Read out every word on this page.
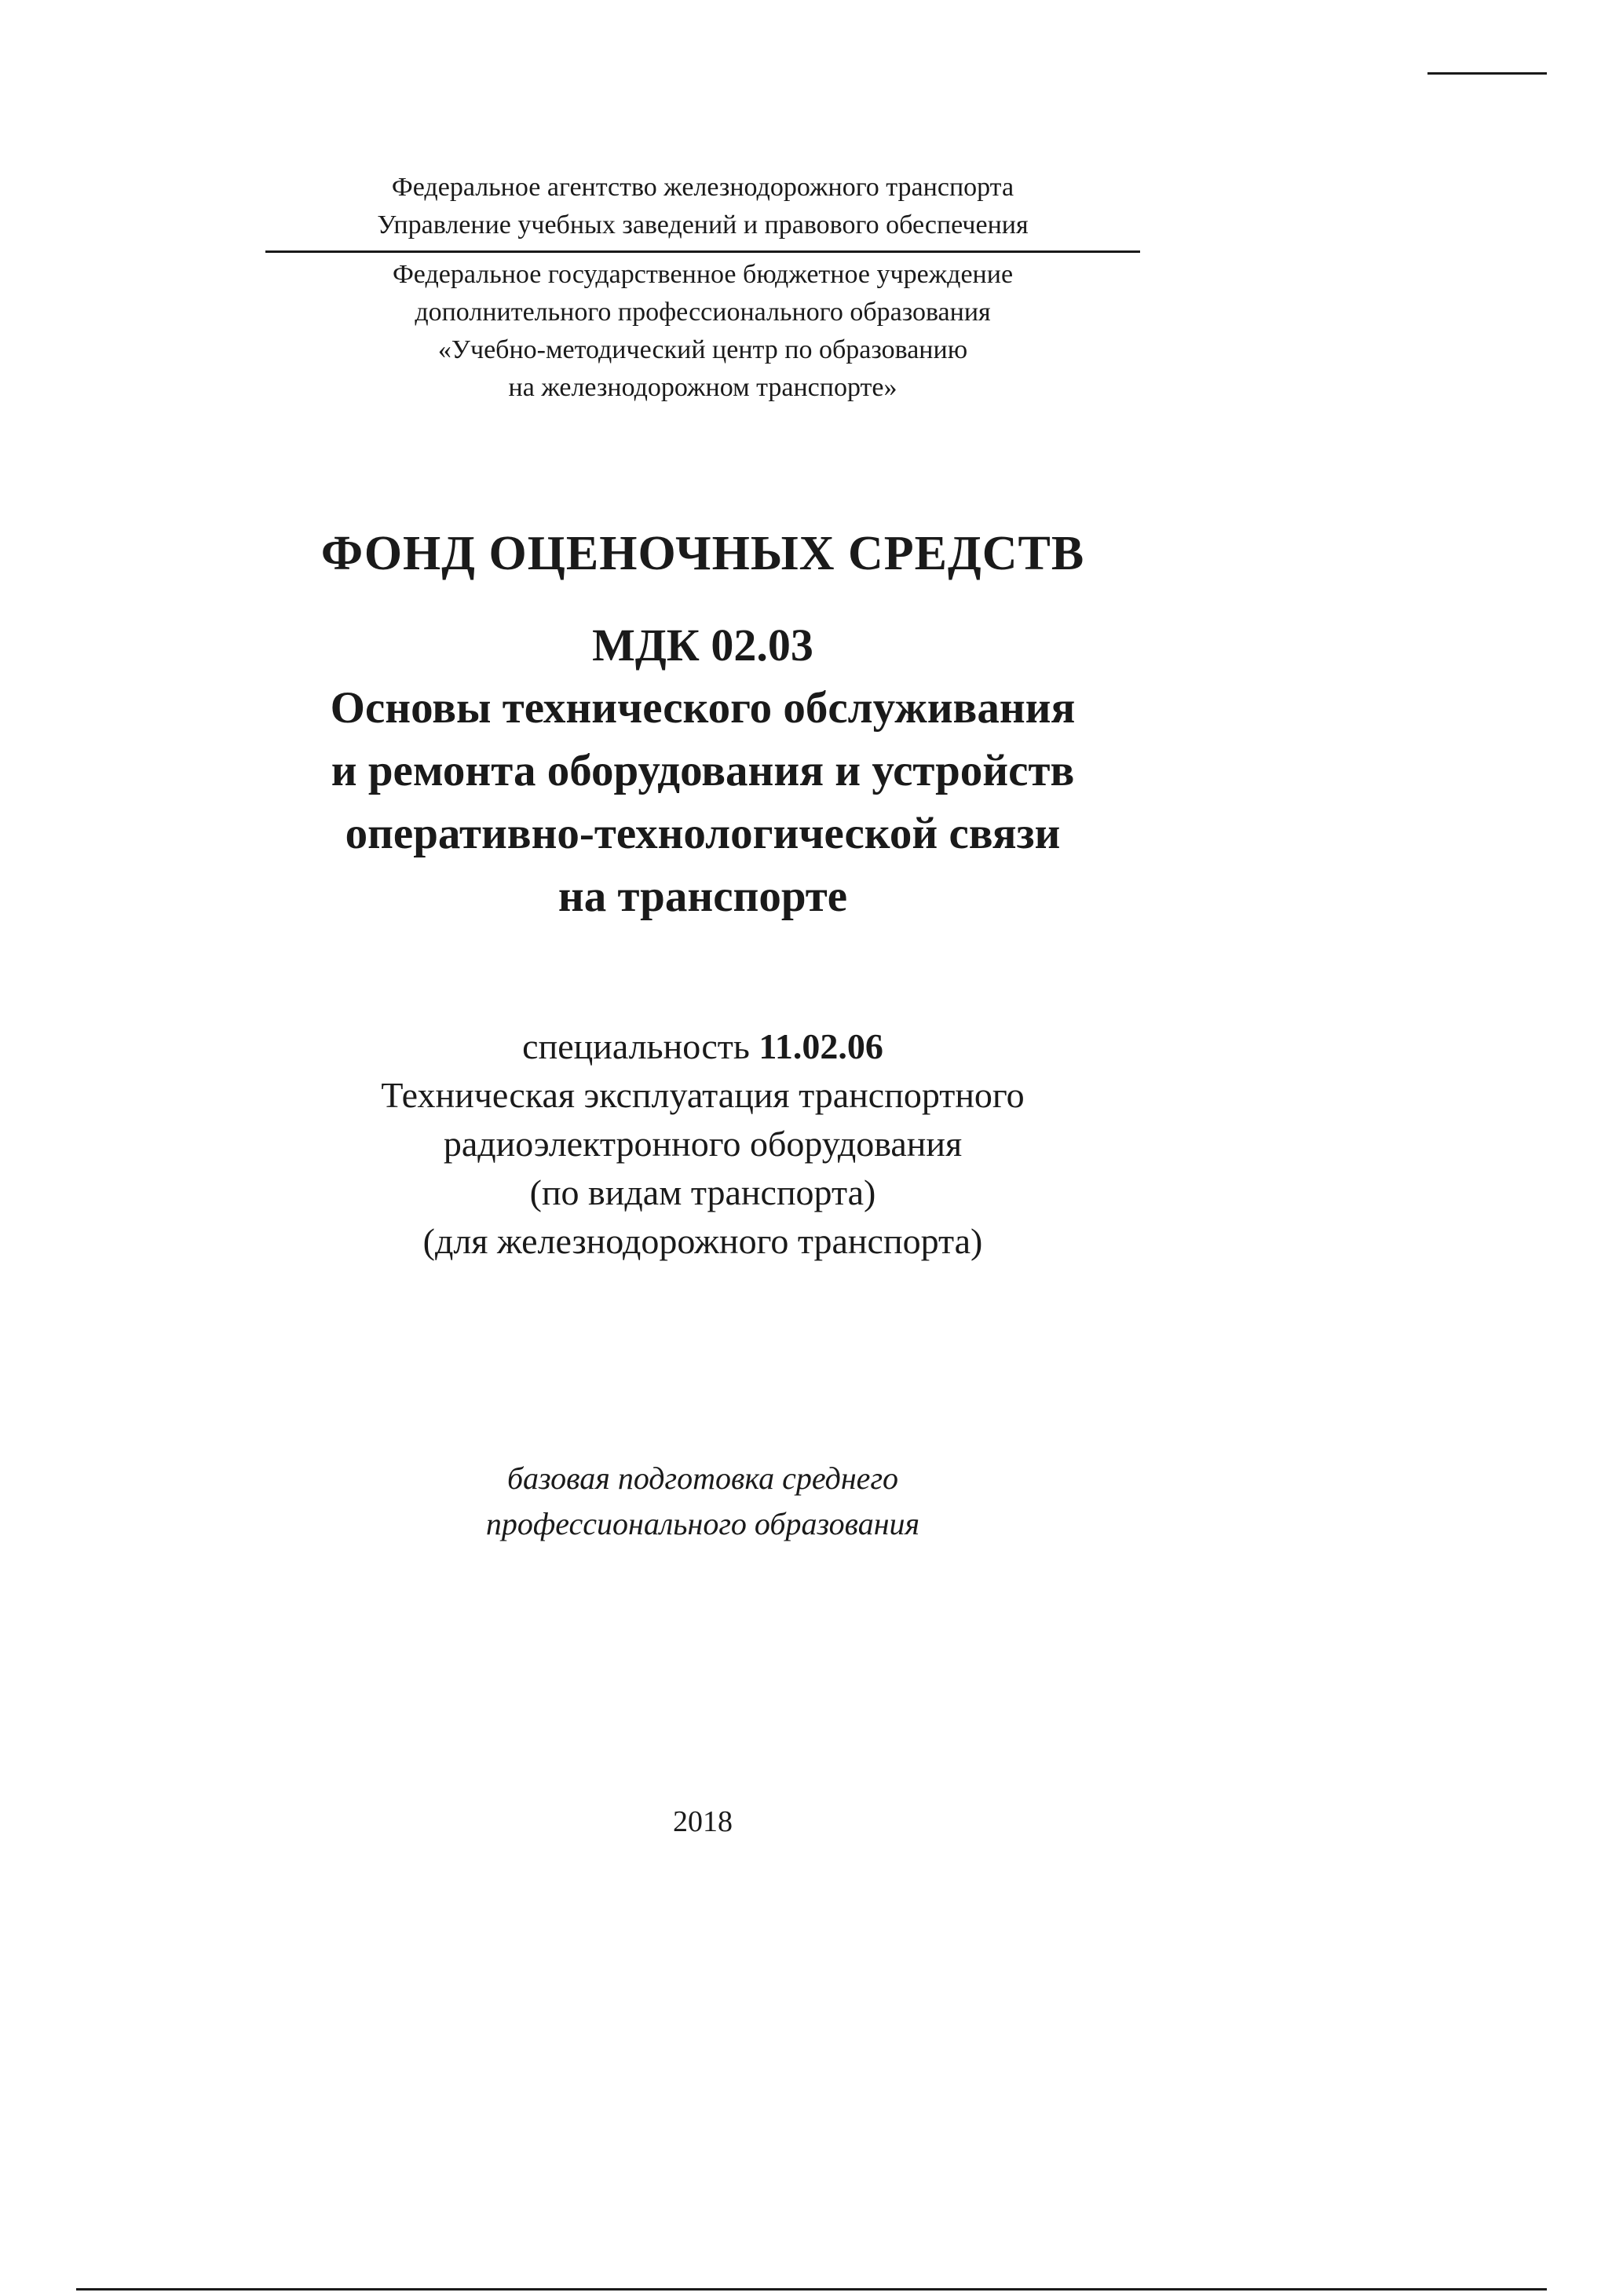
Федеральное агентство железнодорожного транспорта
Управление учебных заведений и правового обеспечения
Федеральное государственное бюджетное учреждение
дополнительного профессионального образования
«Учебно-методический центр по образованию
на железнодорожном транспорте»
ФОНД ОЦЕНОЧНЫХ СРЕДСТВ
МДК 02.03
Основы технического обслуживания
и ремонта оборудования и устройств
оперативно-технологической связи
на транспорте
специальность 11.02.06
Техническая эксплуатация транспортного
радиоэлектронного оборудования
(по видам транспорта)
(для железнодорожного транспорта)
базовая подготовка среднего
профессионального образования
2018
